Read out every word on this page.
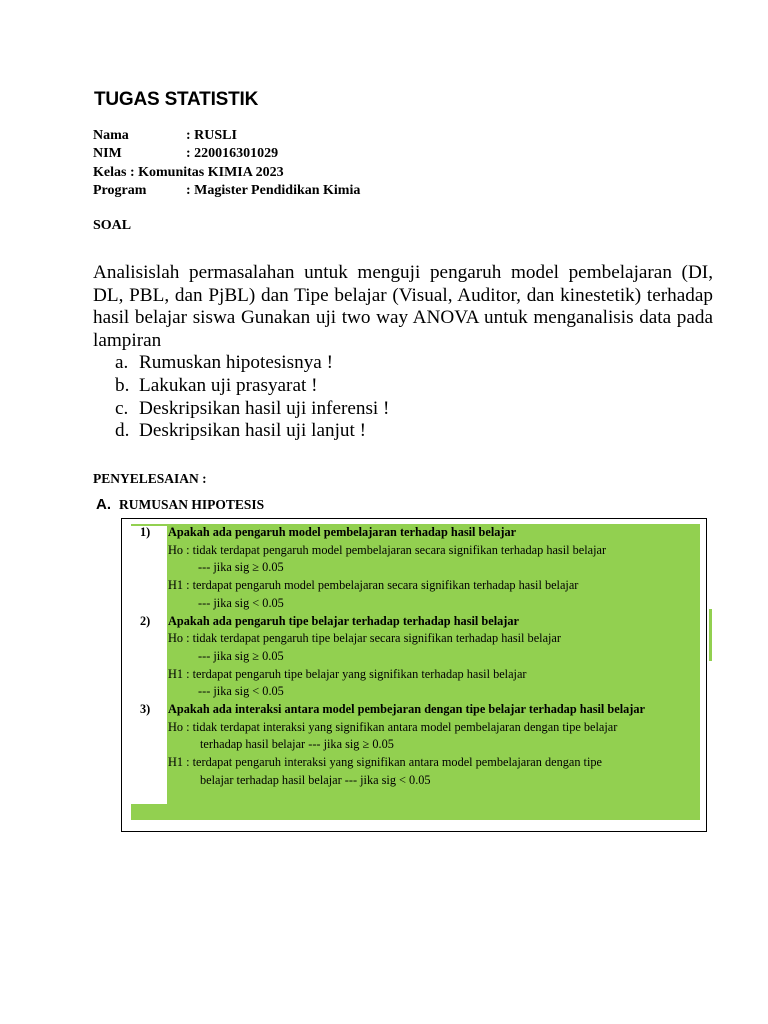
TUGAS STATISTIK
Nama	: RUSLI
NIM	: 220016301029
Kelas : Komunitas KIMIA 2023
Program	: Magister Pendidikan Kimia
SOAL
Analisislah permasalahan untuk menguji pengaruh model pembelajaran (DI, DL, PBL, dan PjBL) dan Tipe belajar (Visual, Auditor, dan kinestetik) terhadap hasil belajar siswa Gunakan uji two way ANOVA untuk menganalisis data pada lampiran
a. Rumuskan hipotesisnya !
b. Lakukan uji prasyarat !
c. Deskripsikan hasil uji inferensi !
d. Deskripsikan hasil uji lanjut !
PENYELESAIAN :
A. RUMUSAN HIPOTESIS
1) Apakah ada pengaruh model pembelajaran terhadap hasil belajar
Ho : tidak terdapat pengaruh model pembelajaran secara signifikan terhadap hasil belajar
--- jika sig ≥ 0.05
H1 : terdapat pengaruh model pembelajaran secara signifikan terhadap hasil belajar
--- jika sig < 0.05
2) Apakah ada pengaruh tipe belajar terhadap terhadap hasil belajar
Ho : tidak terdapat pengaruh tipe belajar secara signifikan terhadap hasil belajar
--- jika sig ≥ 0.05
H1 : terdapat pengaruh tipe belajar yang signifikan terhadap hasil belajar
--- jika sig < 0.05
3) Apakah ada interaksi antara model pembejaran dengan tipe belajar terhadap hasil belajar
Ho : tidak terdapat interaksi yang signifikan antara model pembelajaran dengan tipe belajar
terhadap hasil belajar --- jika sig ≥ 0.05
H1 : terdapat pengaruh interaksi yang signifikan antara model pembelajaran dengan tipe
belajar terhadap hasil belajar --- jika sig < 0.05
